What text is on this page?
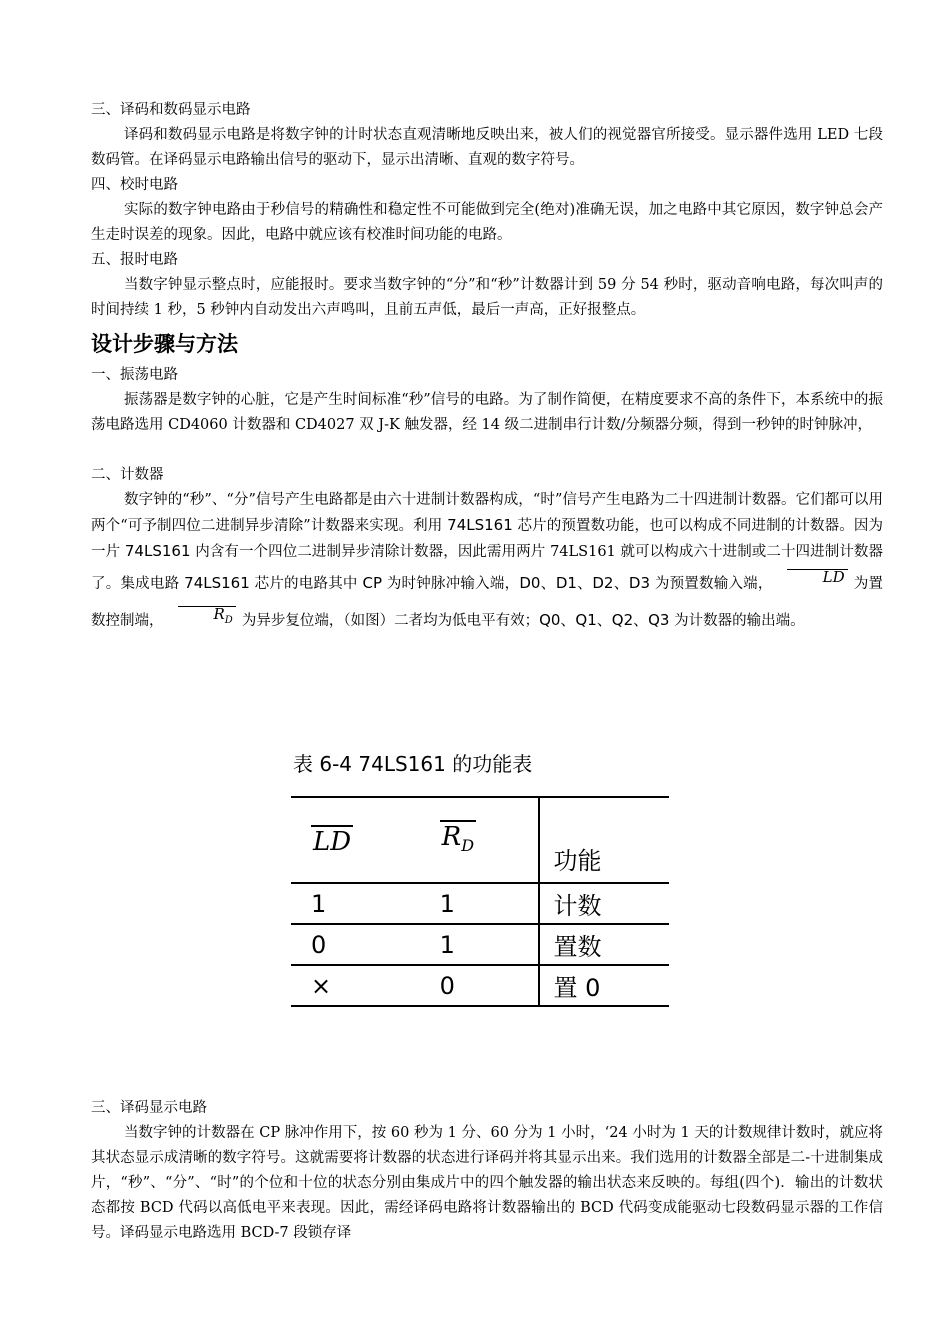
三、译码和数码显示电路

译码和数码显示电路是将数字钟的计时状态直观清晰地反映出来，被人们的视觉器官所接受。显示器件选用 LED 七段数码管。在译码显示电路输出信号的驱动下，显示出清晰、直观的数字符号。

四、校时电路

实际的数字钟电路由于秒信号的精确性和稳定性不可能做到完全(绝对)准确无误，加之电路中其它原因，数字钟总会产生走时误差的现象。因此，电路中就应该有校准时间功能的电路。

五、报时电路

当数字钟显示整点时，应能报时。要求当数字钟的“分”和“秒”计数器计到 59 分 54 秒时，驱动音响电路，每次叫声的时间持续 1 秒，5 秒钟内自动发出六声鸣叫，且前五声低，最后一声高，正好报整点。

设计步骤与方法

一、振荡电路

振荡器是数字钟的心脏，它是产生时间标准“秒”信号的电路。为了制作简便，在精度要求不高的条件下，本系统中的振荡电路选用 CD4060 计数器和 CD4027 双 J-K 触发器，经 14 级二进制串行计数/分频器分频，得到一秒钟的时钟脉冲，

二、计数器

数字钟的“秒”、“分”信号产生电路都是由六十进制计数器构成，“时”信号产生电路为二十四进制计数器。它们都可以用两个“可予制四位二进制异步清除”计数器来实现。利用 74LS161 芯片的预置数功能，也可以构成不同进制的计数器。因为一片 74LS161 内含有一个四位二进制异步清除计数器，因此需用两片 74LS161 就可以构成六十进制或二十四进制计数器了。集成电路 74LS161 芯片的电路其中 CP 为时钟脉冲输入端，D0、D1、D2、D3 为预置数输入端，	LD 为置数控制端，	$R_D$ 为异步复位端，（如图）二者均为低电平有效；Q0、Q1、Q2、Q3 为计数器的输出端。

表 6-4 74LS161 的功能表
LD	$R_D$	功能
1	1	计数
0	1	置数
×	0	置 0

三、译码显示电路

当数字钟的计数器在 CP 脉冲作用下，按 60 秒为 1 分、60 分为 1 小时，‘24 小时为 1 天的计数规律计数时，就应将其状态显示成清晰的数字符号。这就需要将计数器的状态进行译码并将其显示出来。我们选用的计数器全部是二-十进制集成片，“秒”、“分”、“时”的个位和十位的状态分别由集成片中的四个触发器的输出状态来反映的。每组(四个)．输出的计数状态都按 BCD 代码以高低电平来表现。因此，需经译码电路将计数器输出的 BCD 代码变成能驱动七段数码显示器的工作信号。译码显示电路选用 BCD-7 段锁存译
